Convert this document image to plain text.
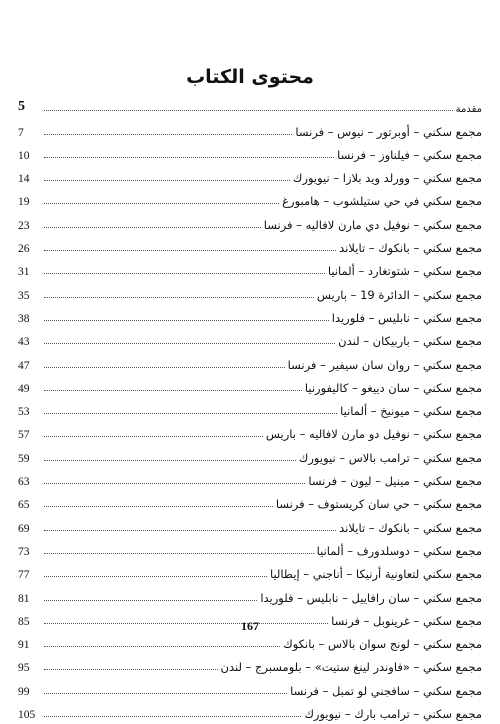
محتوى الكتاب
مقدمة
5
مجمع سكني – أوبرتور – نيوس – فرنسا
7
مجمع سكني – فيلناوز – فرنسا
10
مجمع سكني – وورلد ويد بلازا – نيويورك
14
مجمع سكني في حي ستيلشوب – هامبورغ
19
مجمع سكني – نوفيل دي مارن لافاليه – فرنسا
23
مجمع سكني – بانكوك – تايلاند
26
مجمع سكني – شتوتغارد – ألمانيا
31
مجمع سكني – الدائرة 19 – باريس
35
مجمع سكني – نابليس – فلوريدا
38
مجمع سكني – باربيكان – لندن
43
مجمع سكني – روان سان سيفير – فرنسا
47
مجمع سكني – سان دييغو – كاليفورنيا
49
مجمع سكني – ميونيخ – ألمانيا
53
مجمع سكني – نوفيل دو مارن لافاليه – باريس
57
مجمع سكني – ترامب بالاس – نيويورك
59
مجمع سكني – مينيل – ليون – فرنسا
63
مجمع سكني – حي سان كريستوف – فرنسا
65
مجمع سكني – بانكوك – تايلاند
69
مجمع سكني – دوسلدورف – ألمانيا
73
مجمع سكني لتعاونية أرنيكا – أناجني – إيطاليا
77
مجمع سكني – سان رافاييل – نابليس – فلوريدا
81
مجمع سكني – غرينوبل – فرنسا
85
مجمع سكني – لونج سوان بالاس – بانكوك
91
مجمع سكني – «فاوندر لينغ ستيت» – بلومسبرج – لندن
95
مجمع سكني – سافجني لو تمبل – فرنسا
99
مجمع سكني – ترامب بارك – نيويورك
105
167
